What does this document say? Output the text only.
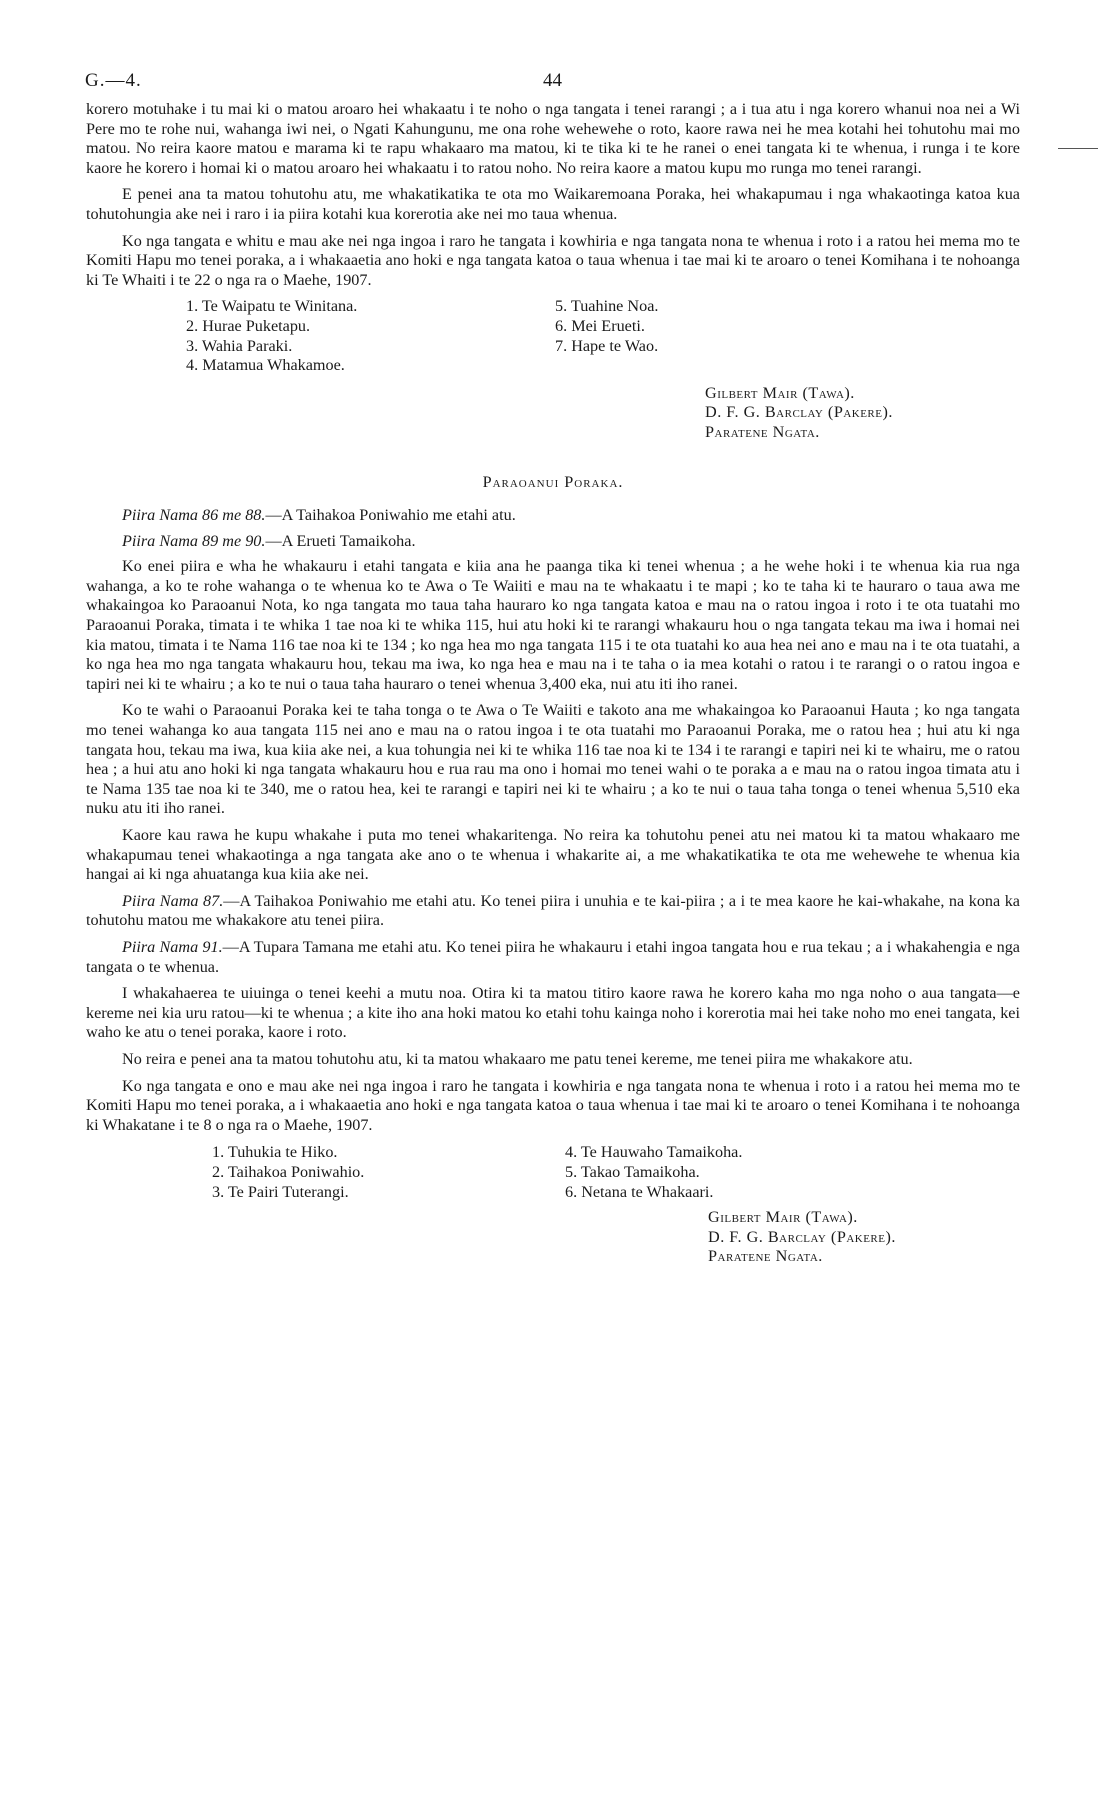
G.—4.	44

korero motuhake i tu mai ki o matou aroaro hei whakaatu i te noho o nga tangata i tenei rarangi ; a i tua atu i nga korero whanui noa nei a Wi Pere mo te rohe nui, wahanga iwi nei, o Ngati Kahungunu, me ona rohe wehewehe o roto, kaore rawa nei he mea kotahi hei tohutohu mai mo matou. No reira kaore matou e marama ki te rapu whakaaro ma matou, ki te tika ki te he ranei o enei tangata ki te whenua, i runga i te kore kaore he korero i homai ki o matou aroaro hei whakaatu i to ratou noho. No reira kaore a matou kupu mo runga mo tenei rarangi.

E penei ana ta matou tohutohu atu, me whakatikatika te ota mo Waikaremoana Poraka, hei whakapumau i nga whakaotinga katoa kua tohutohungia ake nei i raro i ia piira kotahi kua korerotia ake nei mo taua whenua.

Ko nga tangata e whitu e mau ake nei nga ingoa i raro he tangata i kowhiria e nga tangata nona te whenua i roto i a ratou hei mema mo te Komiti Hapu mo tenei poraka, a i whakaaetia ano hoki e nga tangata katoa o taua whenua i tae mai ki te aroaro o tenei Komihana i te nohoanga ki Te Whaiti i te 22 o nga ra o Maehe, 1907.

1. Te Waipatu te Winitana.
2. Hurae Puketapu.
3. Wahia Paraki.
4. Matamua Whakamoe.
5. Tuahine Noa.
6. Mei Erueti.
7. Hape te Wao.
Gilbert Mair (Tawa).
D. F. G. Barclay (Pakere).
Paratene Ngata.
Paraoanui Poraka.
Piira Nama 86 me 88.—A Taihakoa Poniwahio me etahi atu.
Piira Nama 89 me 90.—A Erueti Tamaikoha.

Ko enei piira e wha he whakauru i etahi tangata e kiia ana he paanga tika ki tenei whenua ; a he wehe hoki i te whenua kia rua nga wahanga, a ko te rohe wahanga o te whenua ko te Awa o Te Waiiti e mau na te whakaatu i te mapi ; ko te taha ki te hauraro o taua awa me whakaingoa ko Paraoanui Nota, ko nga tangata mo taua taha hauraro ko nga tangata katoa e mau na o ratou ingoa i roto i te ota tuatahi mo Paraoanui Poraka, timata i te whika 1 tae noa ki te whika 115, hui atu hoki ki te rarangi whakauru hou o nga tangata tekau ma iwa i homai nei kia matou, timata i te Nama 116 tae noa ki te 134 ; ko nga hea mo nga tangata 115 i te ota tuatahi ko aua hea nei ano e mau na i te ota tuatahi, a ko nga hea mo nga tangata whakauru hou, tekau ma iwa, ko nga hea e mau na i te taha o ia mea kotahi o ratou i te rarangi o o ratou ingoa e tapiri nei ki te whairu ; a ko te nui o taua taha hauraro o tenei whenua 3,400 eka, nui atu iti iho ranei.

Ko te wahi o Paraoanui Poraka kei te taha tonga o te Awa o Te Waiiti e takoto ana me whakaingoa ko Paraoanui Hauta ; ko nga tangata mo tenei wahanga ko aua tangata 115 nei ano e mau na o ratou ingoa i te ota tuatahi mo Paraoanui Poraka, me o ratou hea ; hui atu ki nga tangata hou, tekau ma iwa, kua kiia ake nei, a kua tohungia nei ki te whika 116 tae noa ki te 134 i te rarangi e tapiri nei ki te whairu, me o ratou hea ; a hui atu ano hoki ki nga tangata whakauru hou e rua rau ma ono i homai mo tenei wahi o te poraka a e mau na o ratou ingoa timata atu i te Nama 135 tae noa ki te 340, me o ratou hea, kei te rarangi e tapiri nei ki te whairu ; a ko te nui o taua taha tonga o tenei whenua 5,510 eka nuku atu iti iho ranei.

Kaore kau rawa he kupu whakahe i puta mo tenei whakaritenga. No reira ka tohutohu penei atu nei matou ki ta matou whakaaro me whakapumau tenei whakaotinga a nga tangata ake ano o te whenua i whakarite ai, a me whakatikatika te ota me wehewehe te whenua kia hangai ai ki nga ahuatanga kua kiia ake nei.

Piira Nama 87.—A Taihakoa Poniwahio me etahi atu. Ko tenei piira i unuhia e te kai-piira ; a i te mea kaore he kai-whakahe, na kona ka tohutohu matou me whakakore atu tenei piira.

Piira Nama 91.—A Tupara Tamana me etahi atu. Ko tenei piira he whakauru i etahi ingoa tangata hou e rua tekau ; a i whakahengia e nga tangata o te whenua.

I whakahaerea te uiuinga o tenei keehi a mutu noa. Otira ki ta matou titiro kaore rawa he korero kaha mo nga noho o aua tangata—e kereme nei kia uru ratou—ki te whenua ; a kite iho ana hoki matou ko etahi tohu kainga noho i korerotia mai hei take noho mo enei tangata, kei waho ke atu o tenei poraka, kaore i roto.

No reira e penei ana ta matou tohutohu atu, ki ta matou whakaaro me patu tenei kereme, me tenei piira me whakakore atu.

Ko nga tangata e ono e mau ake nei nga ingoa i raro he tangata i kowhiria e nga tangata nona te whenua i roto i a ratou hei mema mo te Komiti Hapu mo tenei poraka, a i whakaaetia ano hoki e nga tangata katoa o taua whenua i tae mai ki te aroaro o tenei Komihana i te nohoanga ki Whakatane i te 8 o nga ra o Maehe, 1907.

1. Tuhukia te Hiko.
2. Taihakoa Poniwahio.
3. Te Pairi Tuterangi.
4. Te Hauwaho Tamaikoha.
5. Takao Tamaikoha.
6. Netana te Whakaari.
Gilbert Mair (Tawa).
D. F. G. Barclay (Pakere).
Paratene Ngata.
